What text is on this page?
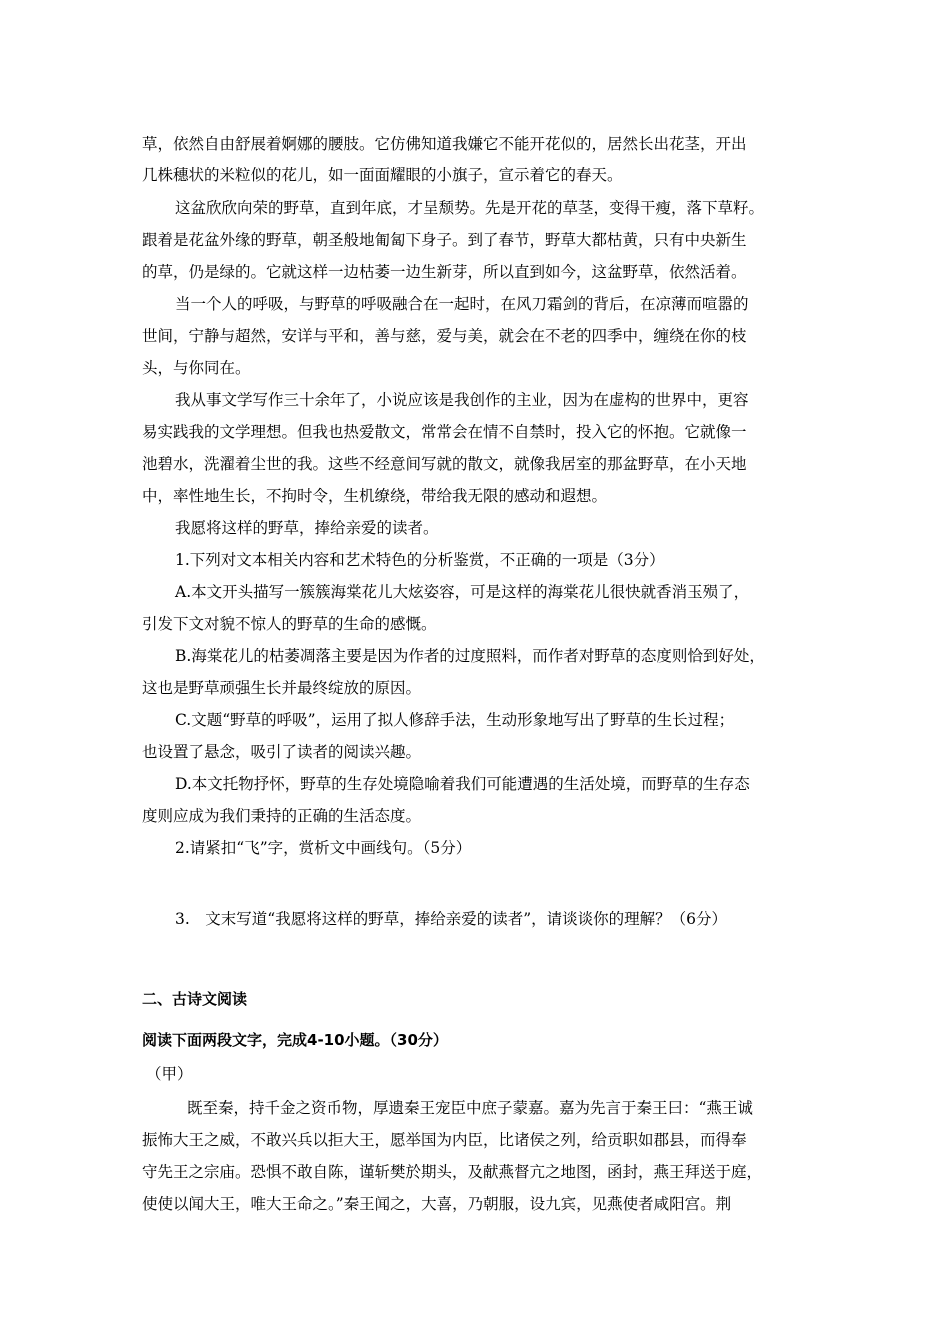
草，依然自由舒展着婀娜的腰肢。它仿佛知道我嫌它不能开花似的，居然长出花茎，开出
几株穗状的米粒似的花儿，如一面面耀眼的小旗子，宣示着它的春天。
这盆欣欣向荣的野草，直到年底，才呈颓势。先是开花的草茎，变得干瘦，落下草籽。
跟着是花盆外缘的野草，朝圣般地匍匐下身子。到了春节，野草大都枯黄，只有中央新生
的草，仍是绿的。它就这样一边枯萎一边生新芽，所以直到如今，这盆野草，依然活着。
当一个人的呼吸，与野草的呼吸融合在一起时，在风刀霜剑的背后，在凉薄而喧嚣的
世间，宁静与超然，安详与平和，善与慈，爱与美，就会在不老的四季中，缠绕在你的枝
头，与你同在。
我从事文学写作三十余年了，小说应该是我创作的主业，因为在虚构的世界中，更容
易实践我的文学理想。但我也热爱散文，常常会在情不自禁时，投入它的怀抱。它就像一
池碧水，洗濯着尘世的我。这些不经意间写就的散文，就像我居室的那盆野草，在小天地
中，率性地生长，不拘时令，生机缭绕，带给我无限的感动和遐想。
我愿将这样的野草，捧给亲爱的读者。
1.下列对文本相关内容和艺术特色的分析鉴赏，不正确的一项是（3分）
A.本文开头描写一簇簇海棠花儿大炫姿容，可是这样的海棠花儿很快就香消玉殒了，
引发下文对貌不惊人的野草的生命的感慨。
B.海棠花儿的枯萎凋落主要是因为作者的过度照料，而作者对野草的态度则恰到好处，
这也是野草顽强生长并最终绽放的原因。
C.文题“野草的呼吸”，运用了拟人修辞手法，生动形象地写出了野草的生长过程；
也设置了悬念，吸引了读者的阅读兴趣。
D.本文托物抒怀，野草的生存处境隐喻着我们可能遭遇的生活处境，而野草的生存态
度则应成为我们秉持的正确的生活态度。
2.请紧扣“飞”字，赏析文中画线句。（5分）
3.　文末写道“我愿将这样的野草，捧给亲爱的读者”，请谈谈你的理解？（6分）
二、古诗文阅读
阅读下面两段文字，完成4-10小题。（30分）
（甲）
既至秦，持千金之资币物，厚遗秦王宠臣中庶子蒙嘉。嘉为先言于秦王曰：“燕王诚
振怖大王之威，不敢兴兵以拒大王，愿举国为内臣，比诸侯之列，给贡职如郡县，而得奉
守先王之宗庙。恐惧不敢自陈，谨斩樊於期头，及献燕督亢之地图，函封，燕王拜送于庭，
使使以闻大王，唯大王命之。”秦王闻之，大喜，乃朝服，设九宾，见燕使者咸阳宫。荆
